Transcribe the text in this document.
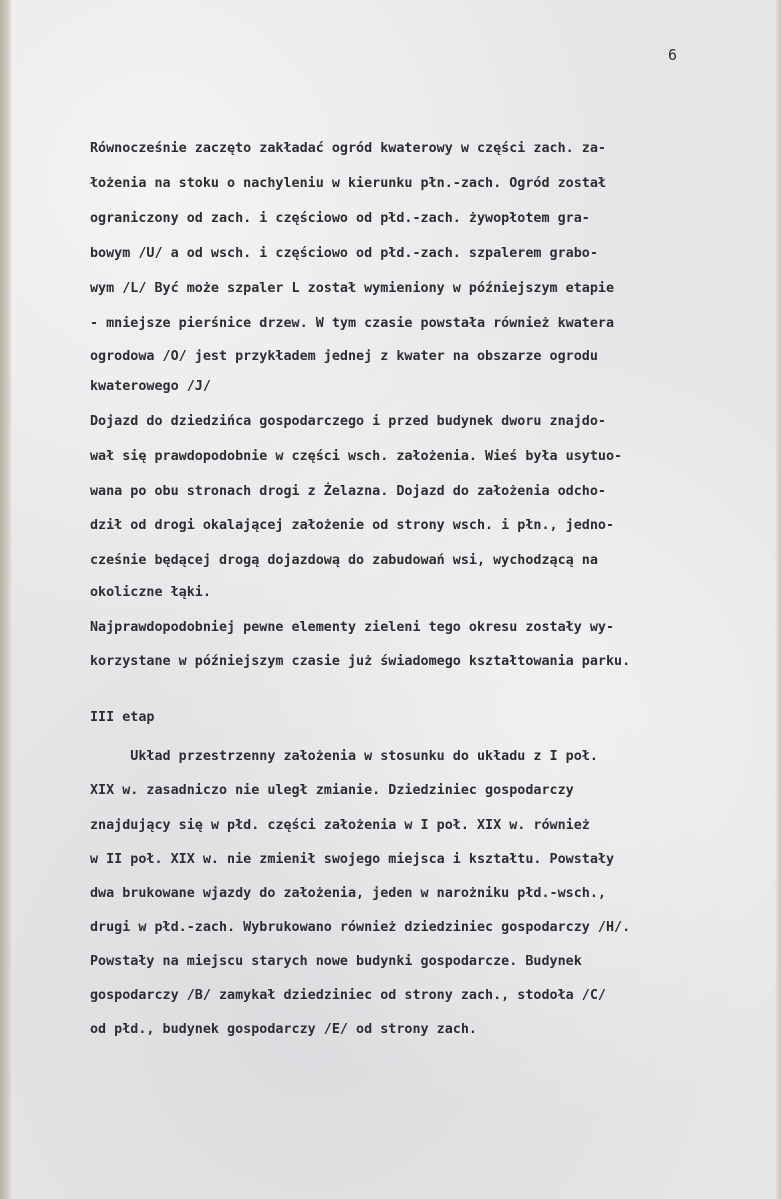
6
Równocześnie zaczęto zakładać ogród kwaterowy w części zach. za-
łożenia na stoku o nachyleniu w kierunku płn.-zach. Ogród został
ograniczony od zach. i częściowo od płd.-zach. żywopłotem gra-
bowym /U/ a od wsch. i częściowo od płd.-zach. szpalerem grabo-
wym /L/ Być może szpaler L został wymieniony w późniejszym etapie
- mniejsze pierśnice drzew. W tym czasie powstała również kwatera
ogrodowa /O/ jest przykładem jednej z kwater na obszarze ogrodu
kwaterowego /J/
Dojazd do dziedzińca gospodarczego i przed budynek dworu znajdo-
wał się prawdopodobnie w części wsch. założenia. Wieś była usytuo-
wana po obu stronach drogi z Żelazna. Dojazd do założenia odcho-
dził od drogi okalającej założenie od strony wsch. i płn., jedno-
cześnie będącej drogą dojazdową do zabudowań wsi, wychodzącą na
okoliczne łąki.
Najprawdopodobniej pewne elementy zieleni tego okresu zostały wy-
korzystane w późniejszym czasie już świadomego kształtowania parku.
III etap
Układ przestrzenny założenia w stosunku do układu z I poł.
XIX w. zasadniczo nie uległ zmianie. Dziedziniec gospodarczy
znajdujący się w płd. części założenia w I poł. XIX w. również
w II poł. XIX w. nie zmienił swojego miejsca i kształtu. Powstały
dwa brukowane wjazdy do założenia, jeden w narożniku płd.-wsch.,
drugi w płd.-zach. Wybrukowano również dziedziniec gospodarczy /H/.
Powstały na miejscu starych nowe budynki gospodarcze. Budynek
gospodarczy /B/ zamykał dziedziniec od strony zach., stodoła /C/
od płd., budynek gospodarczy /E/ od strony zach.
